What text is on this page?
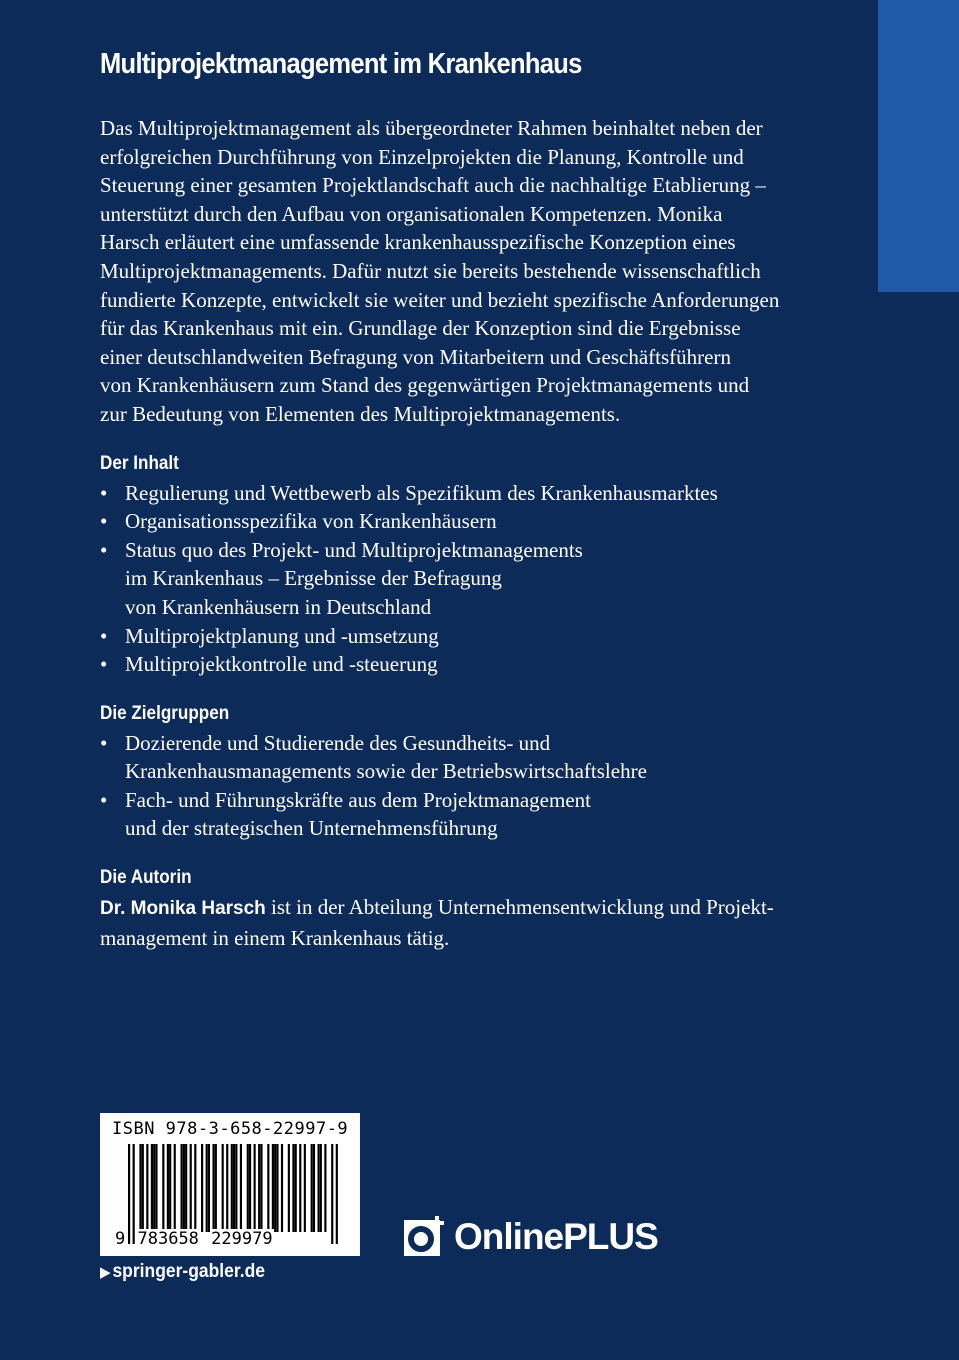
Multiprojektmanagement im Krankenhaus

Das Multiprojektmanagement als übergeordneter Rahmen beinhaltet neben der
erfolgreichen Durchführung von Einzelprojekten die Planung, Kontrolle und
Steuerung einer gesamten Projektlandschaft auch die nachhaltige Etablierung –
unterstützt durch den Aufbau von organisationalen Kompetenzen. Monika
Harsch erläutert eine umfassende krankenhausspezifische Konzeption eines
Multiprojektmanagements. Dafür nutzt sie bereits bestehende wissenschaftlich
fundierte Konzepte, entwickelt sie weiter und bezieht spezifische Anforderungen
für das Krankenhaus mit ein. Grundlage der Konzeption sind die Ergebnisse
einer deutschlandweiten Befragung von Mitarbeitern und Geschäftsführern
von Krankenhäusern zum Stand des gegenwärtigen Projektmanagements und
zur Bedeutung von Elementen des Multiprojektmanagements.

Der Inhalt
• Regulierung und Wettbewerb als Spezifikum des Krankenhausmarktes
• Organisationsspezifika von Krankenhäusern
• Status quo des Projekt- und Multiprojektmanagements
im Krankenhaus – Ergebnisse der Befragung
von Krankenhäusern in Deutschland
• Multiprojektplanung und -umsetzung
• Multiprojektkontrolle und -steuerung
Die Zielgruppen
• Dozierende und Studierende des Gesundheits- und
Krankenhausmanagements sowie der Betriebswirtschaftslehre
• Fach- und Führungskräfte aus dem Projektmanagement
und der strategischen Unternehmensführung
Die Autorin

Dr. Monika Harsch ist in der Abteilung Unternehmensentwicklung und Projekt-
management in einem Krankenhaus tätig.

ISBN 978-3-658-22997-9
9 783658 229979
▶springer-gabler.de
OnlinePLUS
